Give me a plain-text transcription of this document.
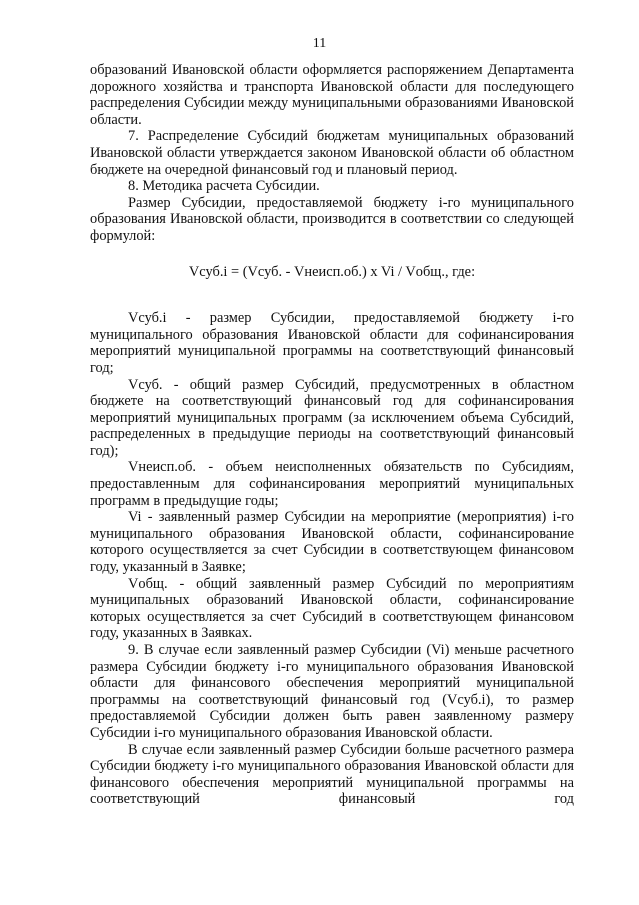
11

образований Ивановской области оформляется распоряжением Департамента дорожного хозяйства и транспорта Ивановской области для последующего распределения Субсидии между муниципальными образованиями Ивановской области.

7. Распределение Субсидий бюджетам муниципальных образований Ивановской области утверждается законом Ивановской области об областном бюджете на очередной финансовый год и плановый период.

8. Методика расчета Субсидии.

Размер Субсидии, предоставляемой бюджету i-го муниципального образования Ивановской области, производится в соответствии со следующей формулой:

Vсуб.i = (Vсуб. - Vнеисп.об.) x Vi / Vобщ., где:

Vсуб.i - размер Субсидии, предоставляемой бюджету i-го муниципального образования Ивановской области для софинансирования мероприятий муниципальной программы на соответствующий финансовый год;

Vсуб. - общий размер Субсидий, предусмотренных в областном бюджете на соответствующий финансовый год для софинансирования мероприятий муниципальных программ (за исключением объема Субсидий, распределенных в предыдущие периоды на соответствующий финансовый год);

Vнеисп.об. - объем неисполненных обязательств по Субсидиям, предоставленным для софинансирования мероприятий муниципальных программ в предыдущие годы;

Vi - заявленный размер Субсидии на мероприятие (мероприятия) i-го муниципального образования Ивановской области, софинансирование которого осуществляется за счет Субсидии в соответствующем финансовом году, указанный в Заявке;

Vобщ. - общий заявленный размер Субсидий по мероприятиям муниципальных образований Ивановской области, софинансирование которых осуществляется за счет Субсидий в соответствующем финансовом году, указанных в Заявках.

9. В случае если заявленный размер Субсидии (Vi) меньше расчетного размера Субсидии бюджету i-го муниципального образования Ивановской области для финансового обеспечения мероприятий муниципальной программы на соответствующий финансовый год (Vсуб.i), то размер предоставляемой Субсидии должен быть равен заявленному размеру Субсидии i-го муниципального образования Ивановской области.

В случае если заявленный размер Субсидии больше расчетного размера Субсидии бюджету i-го муниципального образования Ивановской области для финансового обеспечения мероприятий муниципальной программы на соответствующий финансовый год
